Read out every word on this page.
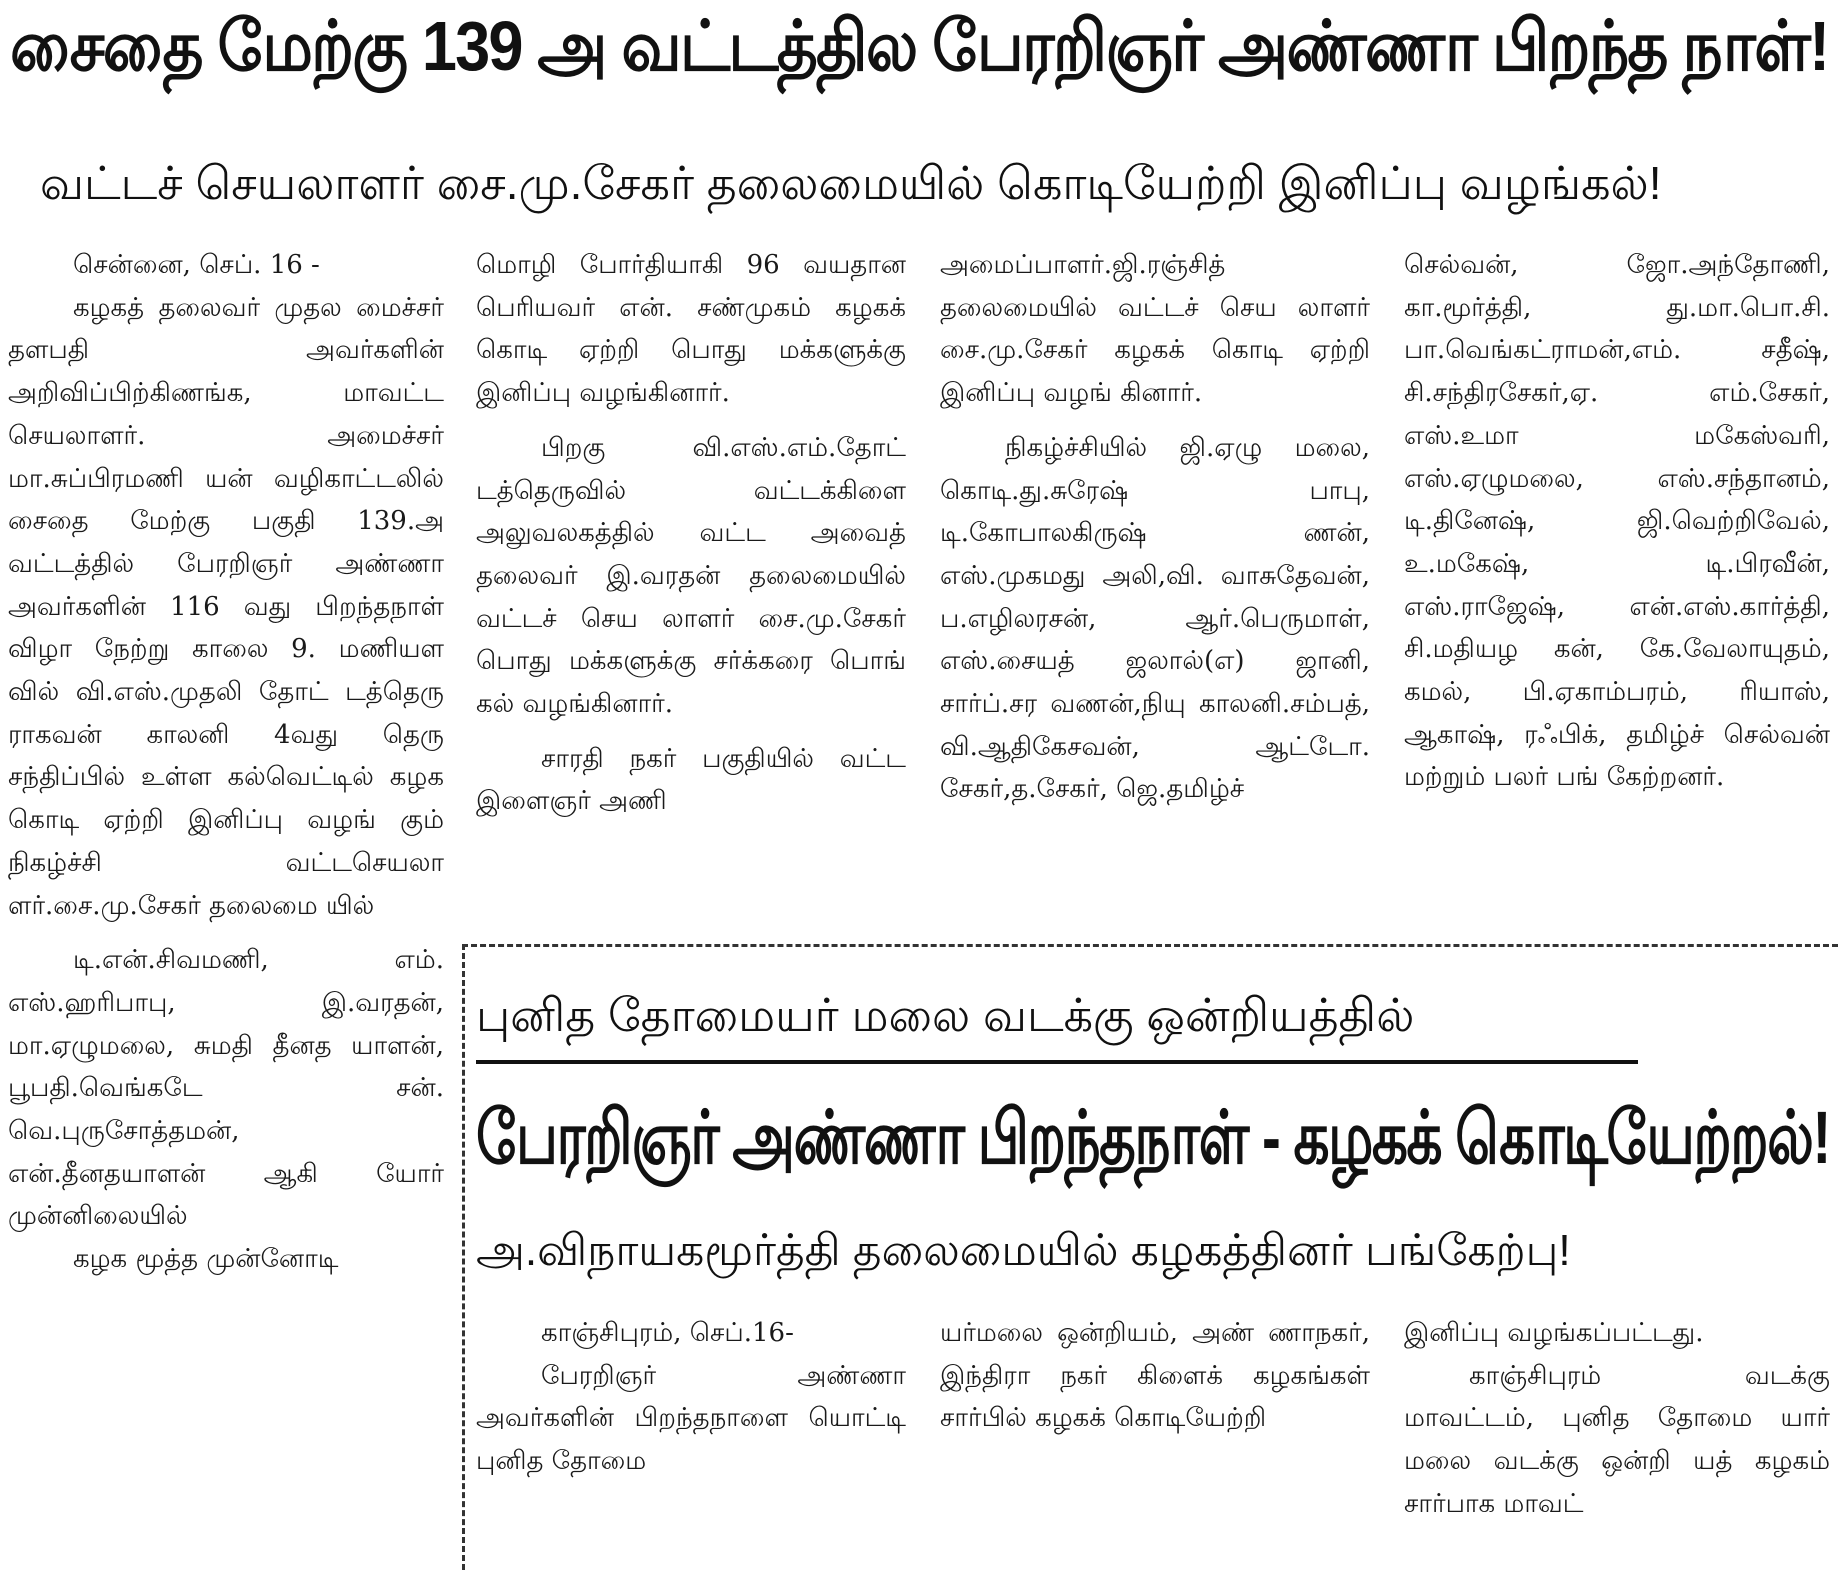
சைதை மேற்கு 139 அ வட்டத்தில பேரறிஞர் அண்ணா பிறந்த நாள்!
வட்டச் செயலாளர் சை.மு.சேகர் தலைமையில் கொடியேற்றி இனிப்பு வழங்கல்!

சென்னை, செப். 16 -

கழகத் தலைவர் முதல மைச்சர் தளபதி அவர்களின் அறிவிப்பிற்கிணங்க, மாவட்ட செயலாளர். அமைச்சர் மா.சுப்பிரமணி யன் வழிகாட்டலில் சைதை மேற்கு பகுதி 139.அ வட்டத்தில் பேரறிஞர் அண்ணா அவர்களின் 116 வது பிறந்தநாள் விழா நேற்று காலை 9. மணியள வில் வி.எஸ்.முதலி தோட் டத்தெரு ராகவன் காலனி 4வது தெரு சந்திப்பில் உள்ள கல்வெட்டில் கழக கொடி ஏற்றி இனிப்பு வழங் கும் நிகழ்ச்சி வட்டசெயலா ளர்.சை.மு.சேகர் தலைமை யில்

டி.என்.சிவமணி, எம். எஸ்.ஹரிபாபு, இ.வரதன், மா.ஏழுமலை, சுமதி தீனத யாளன், பூபதி.வெங்கடே சன். வெ.புருசோத்தமன், என்.தீனதயாளன் ஆகி யோர் முன்னிலையில்

கழக மூத்த முன்னோடி

மொழி போர்தியாகி 96 வயதான பெரியவர் என். சண்முகம் கழகக் கொடி ஏற்றி பொது மக்களுக்கு இனிப்பு வழங்கினார்.

பிறகு வி.எஸ்.எம்.தோட் டத்தெருவில் வட்டக்கிளை அலுவலகத்தில் வட்ட அவைத் தலைவர் இ.வரதன் தலைமையில் வட்டச் செய லாளர் சை.மு.சேகர் பொது மக்களுக்கு சர்க்கரை பொங் கல் வழங்கினார்.

சாரதி நகர் பகுதியில் வட்ட இளைஞர் அணி

அமைப்பாளர்.ஜி.ரஞ்சித் தலைமையில் வட்டச் செய லாளர் சை.மு.சேகர் கழகக் கொடி ஏற்றி இனிப்பு வழங் கினார்.

நிகழ்ச்சியில் ஜி.ஏழு மலை, கொடி.து.சுரேஷ் பாபு, டி.கோபாலகிருஷ் ணன், எஸ்.முகமது அலி,வி. வாசுதேவன், ப.எழிலரசன், ஆர்.பெருமாள், எஸ்.சையத் ஜலால்(எ) ஜானி, சார்ப்.சர வணன்,நியு காலனி.சம்பத், வி.ஆதிகேசவன், ஆட்டோ. சேகர்,த.சேகர், ஜெ.தமிழ்ச்

செல்வன், ஜோ.அந்தோணி, கா.மூர்த்தி, து.மா.பொ.சி. பா.வெங்கட்ராமன்,எம். சதீஷ், சி.சந்திரசேகர்,ஏ. எம்.சேகர், எஸ்.உமா மகேஸ்வரி, எஸ்.ஏழுமலை, எஸ்.சந்தானம், டி.தினேஷ், ஜி.வெற்றிவேல், உ.மகேஷ், டி.பிரவீன், எஸ்.ராஜேஷ், என்.எஸ்.கார்த்தி, சி.மதியழ கன், கே.வேலாயுதம், கமல், பி.ஏகாம்பரம், ரியாஸ், ஆகாஷ், ரஃபிக், தமிழ்ச் செல்வன் மற்றும் பலர் பங் கேற்றனர்.

புனித தோமையர் மலை வடக்கு ஒன்றியத்தில்
பேரறிஞர் அண்ணா பிறந்தநாள் - கழகக் கொடியேற்றல்!
அ.விநாயகமூர்த்தி தலைமையில் கழகத்தினர் பங்கேற்பு!

காஞ்சிபுரம், செப்.16-

பேரறிஞர் அண்ணா அவர்களின் பிறந்தநாளை யொட்டி புனித தோமை

யர்மலை ஒன்றியம், அண் ணாநகர், இந்திரா நகர் கிளைக் கழகங்கள் சார்பில் கழகக் கொடியேற்றி

இனிப்பு வழங்கப்பட்டது.

காஞ்சிபுரம் வடக்கு மாவட்டம், புனித தோமை யார் மலை வடக்கு ஒன்றி யத் கழகம் சார்பாக மாவட்
